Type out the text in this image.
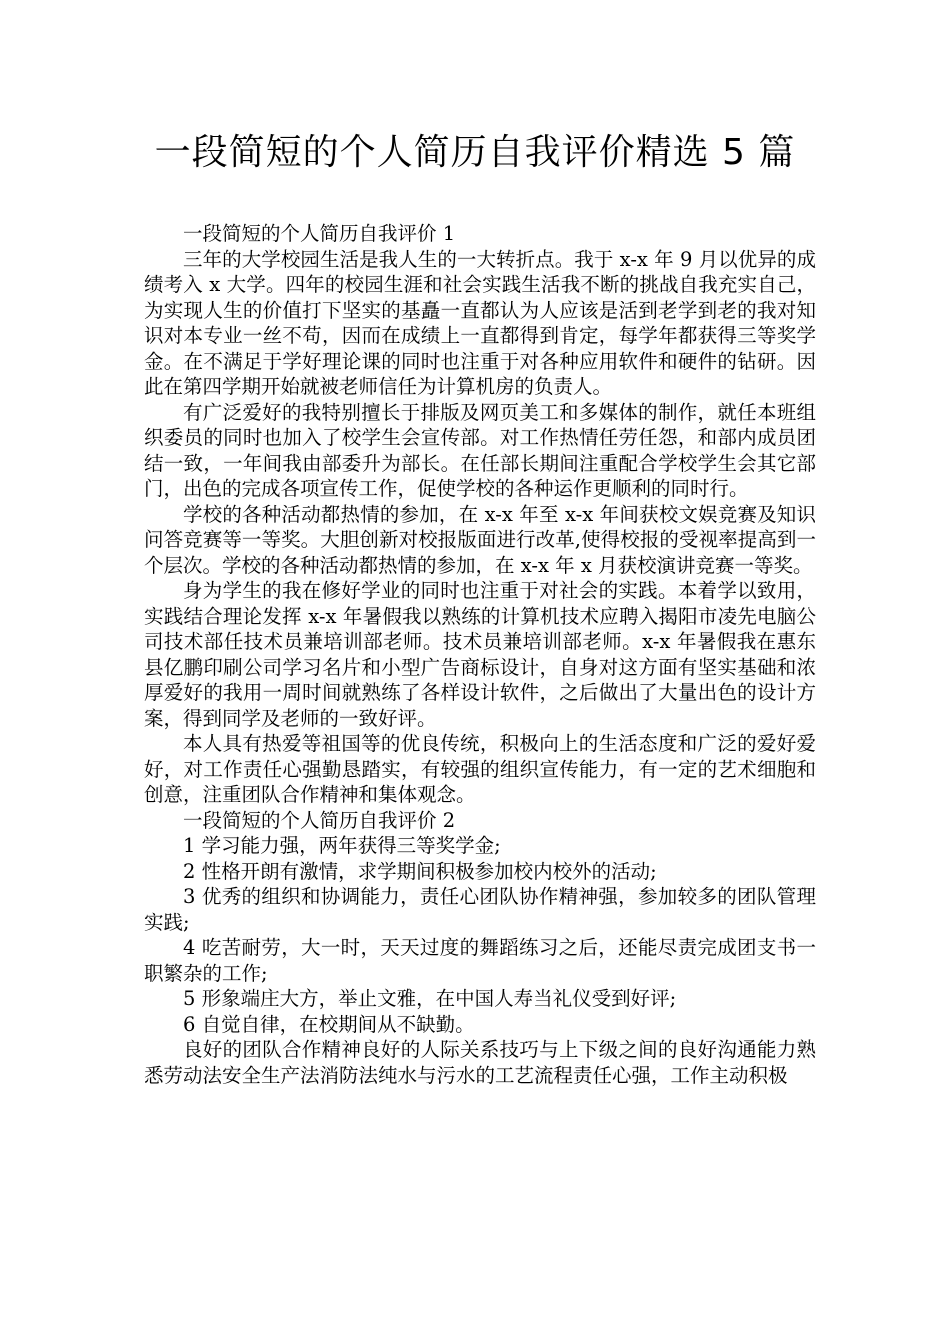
一段简短的个人简历自我评价精选 5 篇

一段简短的个人简历自我评价 1

三年的大学校园生活是我人生的一大转折点。我于 x-x 年 9 月以优异的成绩考入 x 大学。四年的校园生涯和社会实践生活我不断的挑战自我充实自己，为实现人生的价值打下坚实的基矗一直都认为人应该是活到老学到老的我对知识对本专业一丝不苟，因而在成绩上一直都得到肯定，每学年都获得三等奖学金。在不满足于学好理论课的同时也注重于对各种应用软件和硬件的钻研。因此在第四学期开始就被老师信任为计算机房的负责人。

有广泛爱好的我特别擅长于排版及网页美工和多媒体的制作，就任本班组织委员的同时也加入了校学生会宣传部。对工作热情任劳任怨，和部内成员团结一致，一年间我由部委升为部长。在任部长期间注重配合学校学生会其它部门，出色的完成各项宣传工作，促使学校的各种运作更顺利的同时行。

学校的各种活动都热情的参加，在 x-x 年至 x-x 年间获校文娱竞赛及知识问答竞赛等一等奖。大胆创新对校报版面进行改革,使得校报的受视率提高到一个层次。学校的各种活动都热情的参加，在 x-x 年 x 月获校演讲竞赛一等奖。

身为学生的我在修好学业的同时也注重于对社会的实践。本着学以致用，实践结合理论发挥 x-x 年暑假我以熟练的计算机技术应聘入揭阳市凌先电脑公司技术部任技术员兼培训部老师。技术员兼培训部老师。x-x 年暑假我在惠东县亿鹏印刷公司学习名片和小型广告商标设计，自身对这方面有坚实基础和浓厚爱好的我用一周时间就熟练了各样设计软件，之后做出了大量出色的设计方案，得到同学及老师的一致好评。

本人具有热爱等祖国等的优良传统，积极向上的生活态度和广泛的爱好爱好，对工作责任心强勤恳踏实，有较强的组织宣传能力，有一定的艺术细胞和创意，注重团队合作精神和集体观念。

一段简短的个人简历自我评价 2

1 学习能力强，两年获得三等奖学金;

2 性格开朗有激情，求学期间积极参加校内校外的活动;

3 优秀的组织和协调能力，责任心团队协作精神强，参加较多的团队管理实践;

4 吃苦耐劳，大一时，天天过度的舞蹈练习之后，还能尽责完成团支书一职繁杂的工作;

5 形象端庄大方，举止文雅，在中国人寿当礼仪受到好评;

6 自觉自律，在校期间从不缺勤。

良好的团队合作精神良好的人际关系技巧与上下级之间的良好沟通能力熟悉劳动法安全生产法消防法纯水与污水的工艺流程责任心强，工作主动积极
